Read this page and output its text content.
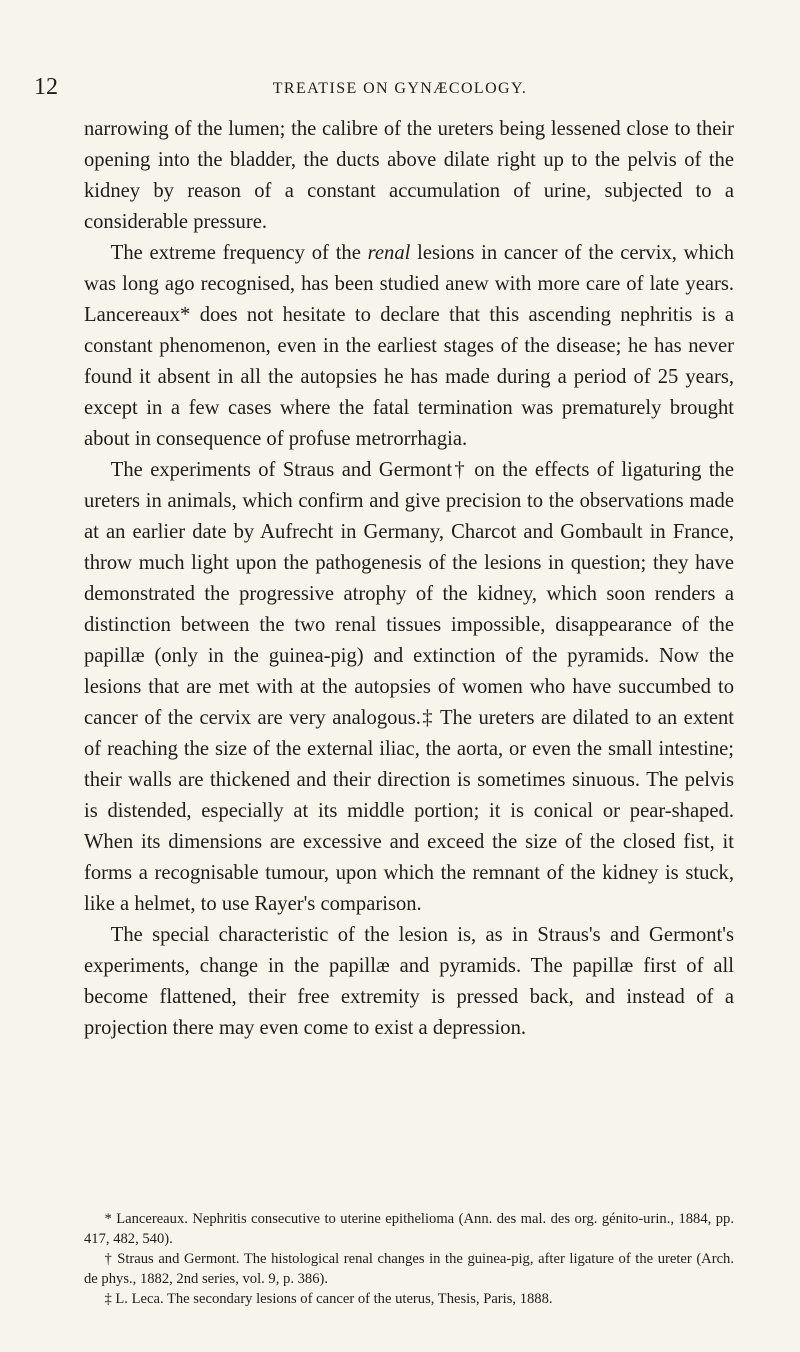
12	TREATISE ON GYNÆCOLOGY.

narrowing of the lumen; the calibre of the ureters being lessened close to their opening into the bladder, the ducts above dilate right up to the pelvis of the kidney by reason of a constant accumulation of urine, subjected to a considerable pressure.

The extreme frequency of the renal lesions in cancer of the cervix, which was long ago recognised, has been studied anew with more care of late years. Lancereaux* does not hesitate to declare that this ascending nephritis is a constant phenomenon, even in the earliest stages of the disease; he has never found it absent in all the autopsies he has made during a period of 25 years, except in a few cases where the fatal termination was prematurely brought about in consequence of profuse metrorrhagia.

The experiments of Straus and Germont† on the effects of ligaturing the ureters in animals, which confirm and give precision to the observations made at an earlier date by Aufrecht in Germany, Charcot and Gombault in France, throw much light upon the pathogenesis of the lesions in question; they have demonstrated the progressive atrophy of the kidney, which soon renders a distinction between the two renal tissues impossible, disappearance of the papillæ (only in the guinea-pig) and extinction of the pyramids. Now the lesions that are met with at the autopsies of women who have succumbed to cancer of the cervix are very analogous.‡ The ureters are dilated to an extent of reaching the size of the external iliac, the aorta, or even the small intestine; their walls are thickened and their direction is sometimes sinuous. The pelvis is distended, especially at its middle portion; it is conical or pear-shaped. When its dimensions are excessive and exceed the size of the closed fist, it forms a recognisable tumour, upon which the remnant of the kidney is stuck, like a helmet, to use Rayer's comparison.

The special characteristic of the lesion is, as in Straus's and Germont's experiments, change in the papillæ and pyramids. The papillæ first of all become flattened, their free extremity is pressed back, and instead of a projection there may even come to exist a depression.

* Lancereaux. Nephritis consecutive to uterine epithelioma (Ann. des mal. des org. génito-urin., 1884, pp. 417, 482, 540).

† Straus and Germont. The histological renal changes in the guinea-pig, after ligature of the ureter (Arch. de phys., 1882, 2nd series, vol. 9, p. 386).

‡ L. Leca. The secondary lesions of cancer of the uterus, Thesis, Paris, 1888.
